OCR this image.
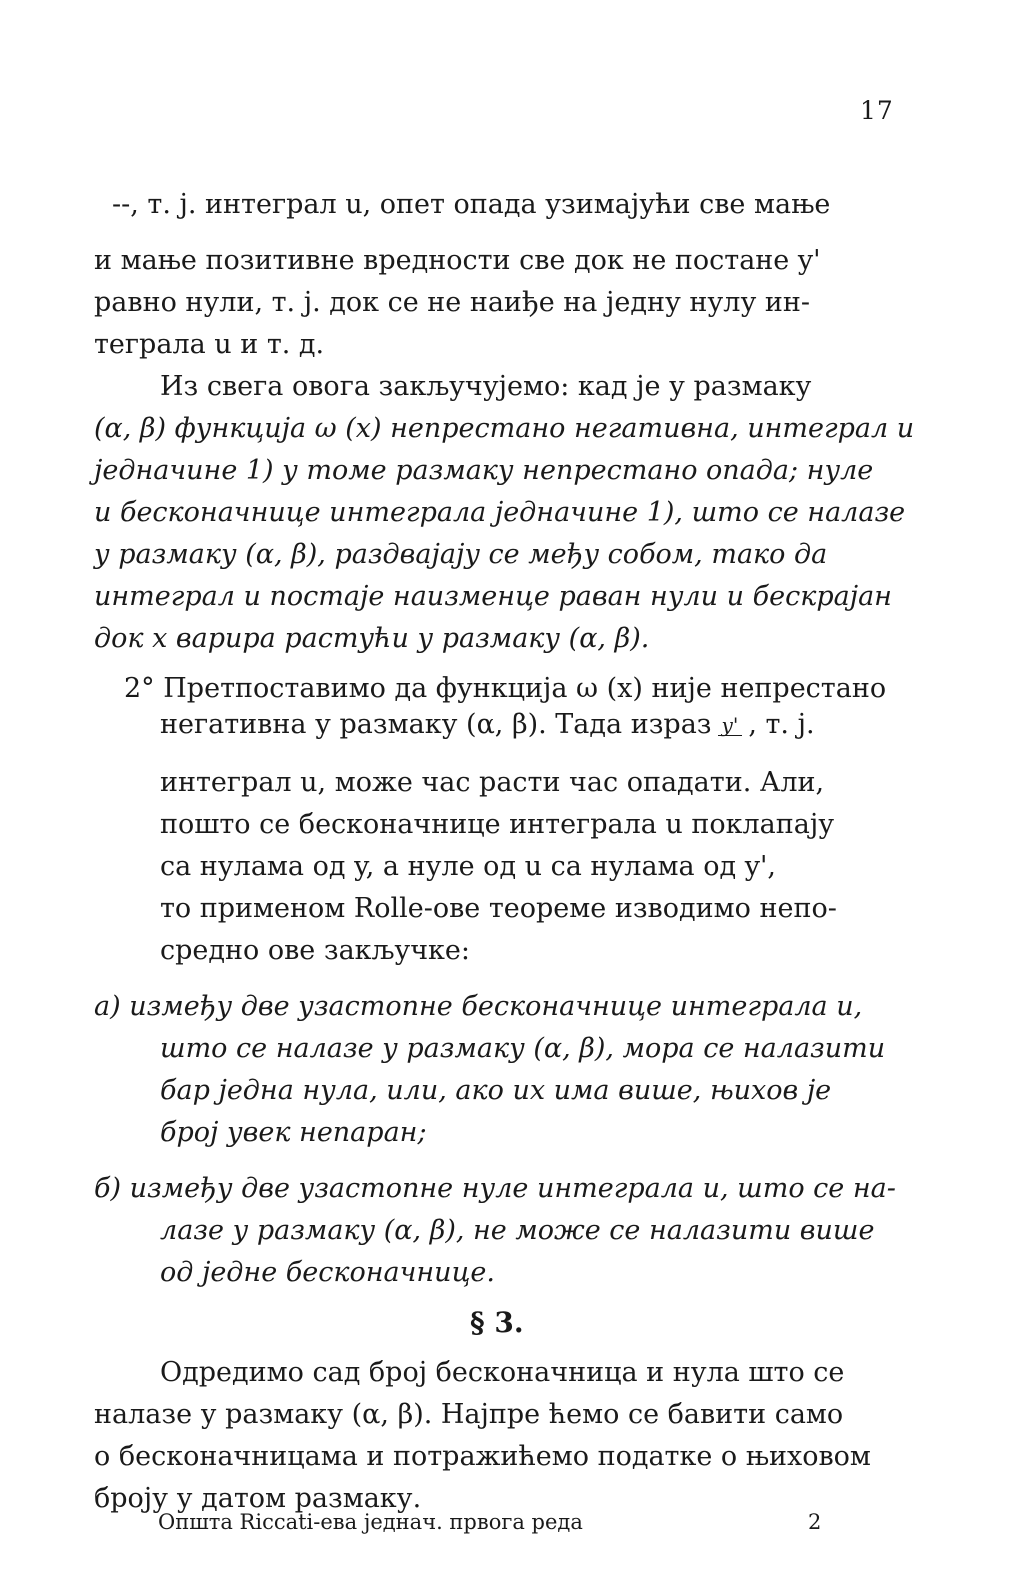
17
--, т. ј. интеграл u, опет опада узимајући све мање
и мање позитивне вредности све док не постане y'
равно нули, т. ј. док се не наиђе на једну нулу ин-
теграла u и т. д.
Из свега овога закључујемо: кад је у размаку
(α, β) функција ω (x) непрестано негативна, интеграл u
једначине 1) у томе размаку непрестано опада; нуле
и бесконачнице интеграла једначине 1), што се налазе
у размаку (α, β), раздвајају се међу собом, тако да
интеграл u постаје наизменце раван нули и бескрајан
док x варира растући у размаку (α, β).
2° Претпоставимо да функција ω (x) није непрестано
негативна у размаку (α, β). Тада израз y' , т. ј.
интеграл u, може час расти час опадати. Али,
пошто се бесконачнице интеграла u поклапају
са нулама од y, а нуле од u са нулама од y',
то применом Rolle-ове теореме изводимо непо-
средно ове закључке:
а) између две узастопне бесконачнице интеграла u,
што се налазе у размаку (α, β), мора се налазити
бар једна нула, или, ако их има више, њихов је
број увек непаран;
б) између две узастопне нуле интеграла u, што се на-
лазе у размаку (α, β), не може се налазити више
од једне бесконачнице.
§ 3.
Одредимо сад број бесконачница и нула што се
налазе у размаку (α, β). Најпре ћемо се бавити само
о бесконачницама и потражићемо податке о њиховом
броју у датом размаку.
Општа Riccati-ева једнач. првога реда	2
